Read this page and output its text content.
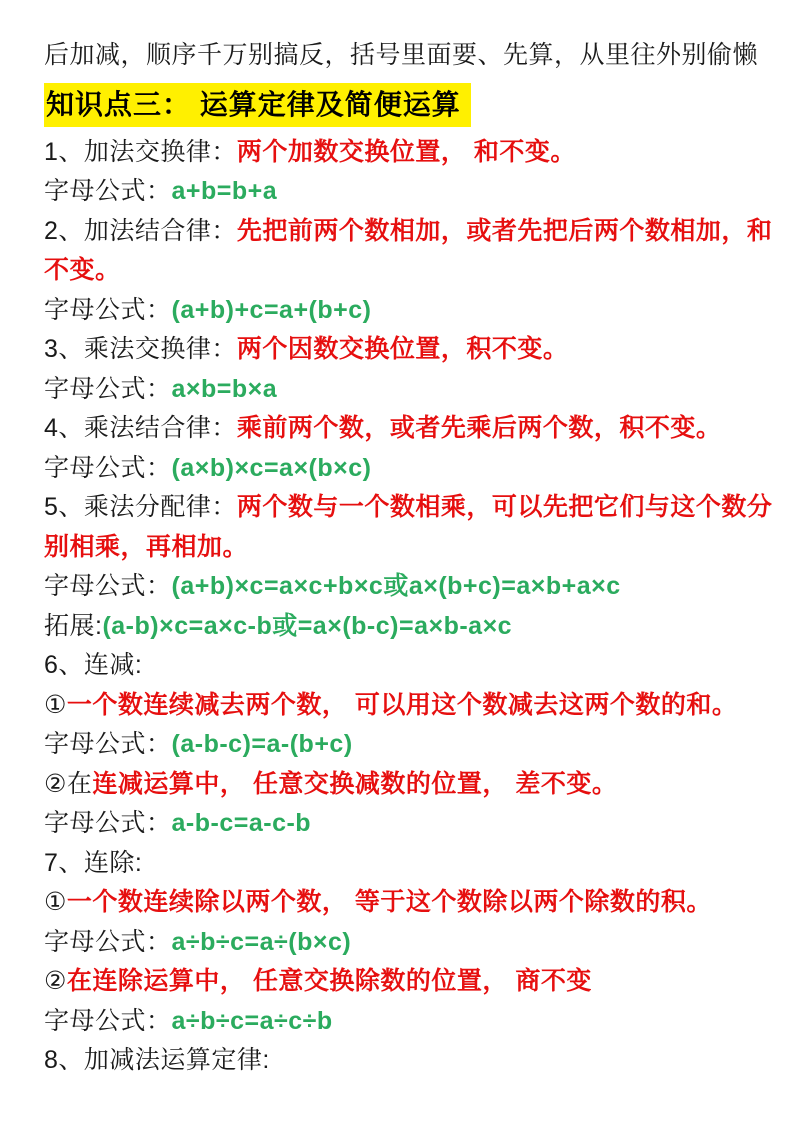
后加减，顺序千万别搞反，括号里面要、先算，从里往外别偷懒
知识点三： 运算定律及简便运算
1、加法交换律：两个加数交换位置， 和不变。
字母公式：a+b=b+a
2、加法结合律：先把前两个数相加，或者先把后两个数相加，和
不变。
字母公式：(a+b)+c=a+(b+c)
3、乘法交换律：两个因数交换位置，积不变。
字母公式：a×b=b×a
4、乘法结合律：乘前两个数，或者先乘后两个数，积不变。
字母公式：(a×b)×c=a×(b×c)
5、乘法分配律：两个数与一个数相乘，可以先把它们与这个数分
别相乘，再相加。
字母公式：(a+b)×c=a×c+b×c或a×(b+c)=a×b+a×c
拓展:(a-b)×c=a×c-b或=a×(b-c)=a×b-a×c
6、连减:
①一个数连续减去两个数， 可以用这个数减去这两个数的和。
字母公式：(a-b-c)=a-(b+c)
②在连减运算中， 任意交换减数的位置， 差不变。
字母公式：a-b-c=a-c-b
7、连除:
①一个数连续除以两个数， 等于这个数除以两个除数的积。
字母公式：a÷b÷c=a÷(b×c)
②在连除运算中， 任意交换除数的位置， 商不变
字母公式：a÷b÷c=a÷c÷b
8、加减法运算定律:
